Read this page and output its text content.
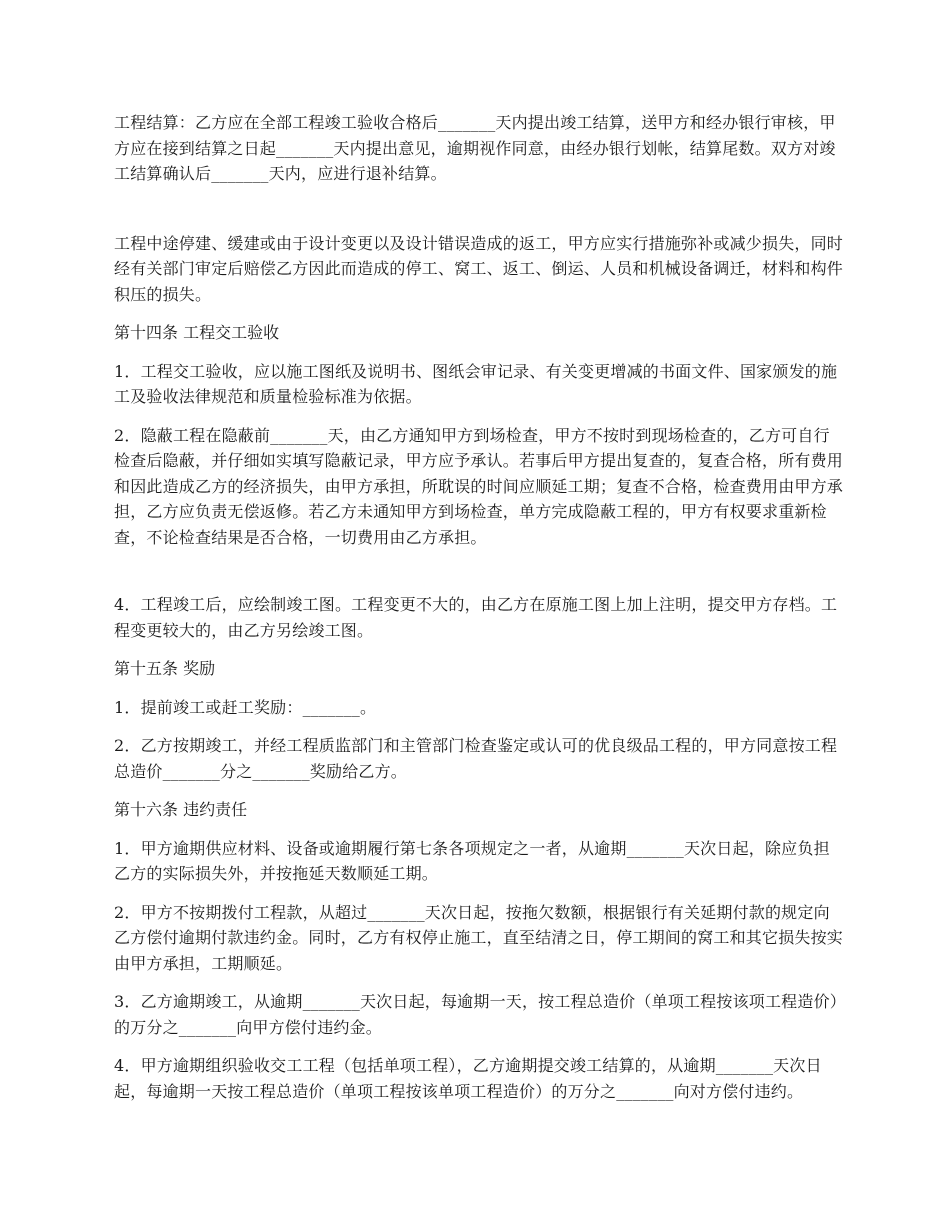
工程结算：乙方应在全部工程竣工验收合格后_______天内提出竣工结算，送甲方和经办银行审核，甲方应在接到结算之日起_______天内提出意见，逾期视作同意，由经办银行划帐，结算尾数。双方对竣工结算确认后_______天内，应进行退补结算。

工程中途停建、缓建或由于设计变更以及设计错误造成的返工，甲方应实行措施弥补或减少损失，同时经有关部门审定后赔偿乙方因此而造成的停工、窝工、返工、倒运、人员和机械设备调迁，材料和构件积压的损失。

第十四条 工程交工验收

1．工程交工验收，应以施工图纸及说明书、图纸会审记录、有关变更增减的书面文件、国家颁发的施工及验收法律规范和质量检验标准为依据。

2．隐蔽工程在隐蔽前_______天，由乙方通知甲方到场检查，甲方不按时到现场检查的，乙方可自行检查后隐蔽，并仔细如实填写隐蔽记录，甲方应予承认。若事后甲方提出复查的，复查合格，所有费用和因此造成乙方的经济损失，由甲方承担，所耽误的时间应顺延工期；复查不合格，检查费用由甲方承担，乙方应负责无偿返修。若乙方未通知甲方到场检查，单方完成隐蔽工程的，甲方有权要求重新检查，不论检查结果是否合格，一切费用由乙方承担。

4．工程竣工后，应绘制竣工图。工程变更不大的，由乙方在原施工图上加上注明，提交甲方存档。工程变更较大的，由乙方另绘竣工图。

第十五条 奖励

1．提前竣工或赶工奖励：_______。

2．乙方按期竣工，并经工程质监部门和主管部门检查鉴定或认可的优良级品工程的，甲方同意按工程总造价_______分之_______奖励给乙方。

第十六条 违约责任

1．甲方逾期供应材料、设备或逾期履行第七条各项规定之一者，从逾期_______天次日起，除应负担乙方的实际损失外，并按拖延天数顺延工期。

2．甲方不按期拨付工程款，从超过_______天次日起，按拖欠数额，根据银行有关延期付款的规定向乙方偿付逾期付款违约金。同时，乙方有权停止施工，直至结清之日，停工期间的窝工和其它损失按实由甲方承担，工期顺延。

3．乙方逾期竣工，从逾期_______天次日起，每逾期一天，按工程总造价（单项工程按该项工程造价）的万分之_______向甲方偿付违约金。

4．甲方逾期组织验收交工工程（包括单项工程），乙方逾期提交竣工结算的，从逾期_______天次日起，每逾期一天按工程总造价（单项工程按该单项工程造价）的万分之_______向对方偿付违约。
